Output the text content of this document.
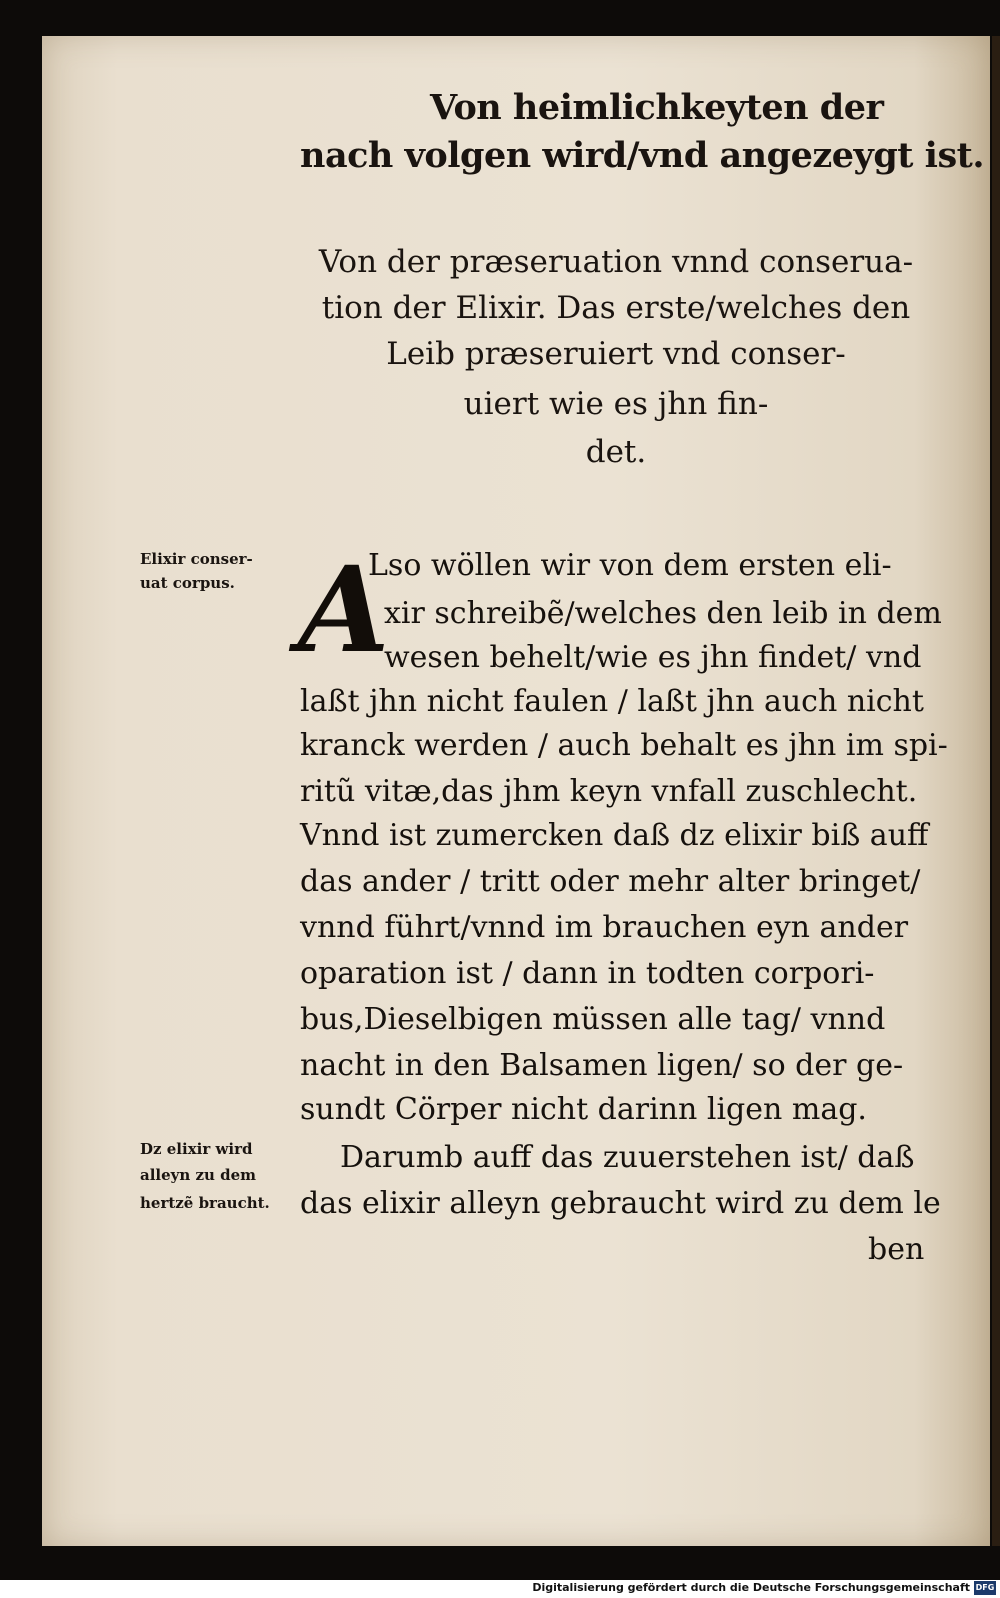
Von heimlichkeyten der
nach volgen wird/vnd angezeygt ist.
Von der præseruation vnnd conserua-
tion der Elixir. Das erste/welches den
Leib præseruiert vnd conser-
uiert wie es jhn fin-
det.
Elixir conser-
uat corpus.
Dz elixir wird
alleyn zu dem
hertzẽ braucht.
A
Lso wöllen wir von dem ersten eli-
xir schreibẽ/welches den leib in dem
wesen behelt/wie es jhn findet/ vnd
laßt jhn nicht faulen / laßt jhn auch nicht
kranck werden / auch behalt es jhn im spi-
ritũ vitæ,das jhm keyn vnfall zuschlecht.
Vnnd ist zumercken daß dz elixir biß auff
das ander / tritt oder mehr alter bringet/
vnnd führt/vnnd im brauchen eyn ander
oparation ist / dann in todten corpori-
bus,Dieselbigen müssen alle tag/ vnnd
nacht in den Balsamen ligen/ so der ge-
sundt Cörper nicht darinn ligen mag.
Darumb auff das zuuerstehen ist/ daß
das elixir alleyn gebraucht wird zu dem le
ben
Digitalisierung gefördert durch die Deutsche Forschungsgemeinschaft DFG
